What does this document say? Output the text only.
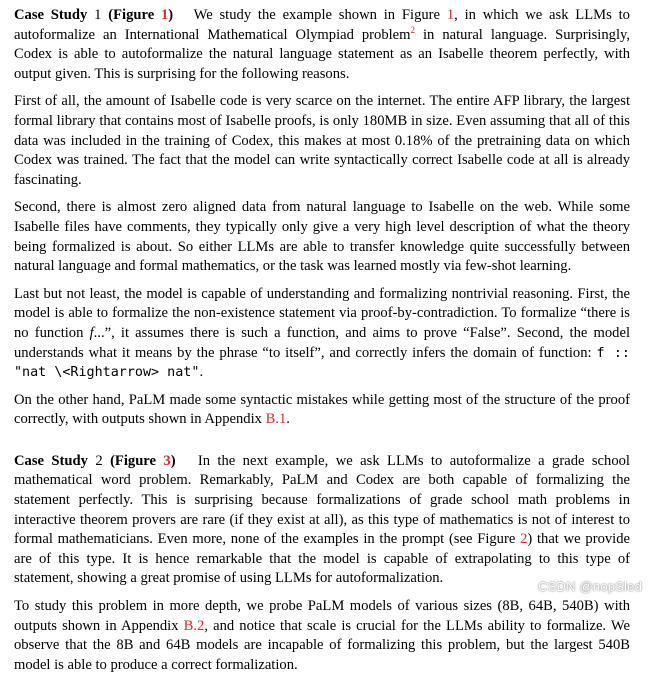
Case Study 1 (Figure 1) We study the example shown in Figure 1, in which we ask LLMs to autoformalize an International Mathematical Olympiad problem$^2$ in natural language. Surprisingly, Codex is able to autoformalize the natural language statement as an Isabelle theorem perfectly, with output given. This is surprising for the following reasons.

First of all, the amount of Isabelle code is very scarce on the internet. The entire AFP library, the largest formal library that contains most of Isabelle proofs, is only 180MB in size. Even assuming that all of this data was included in the training of Codex, this makes at most 0.18% of the pretraining data on which Codex was trained. The fact that the model can write syntactically correct Isabelle code at all is already fascinating.

Second, there is almost zero aligned data from natural language to Isabelle on the web. While some Isabelle files have comments, they typically only give a very high level description of what the theory being formalized is about. So either LLMs are able to transfer knowledge quite successfully between natural language and formal mathematics, or the task was learned mostly via few-shot learning.

Last but not least, the model is capable of understanding and formalizing nontrivial reasoning. First, the model is able to formalize the non-existence statement via proof-by-contradiction. To formalize “there is no function f...”, it assumes there is such a function, and aims to prove “False”. Second, the model understands what it means by the phrase “to itself”, and correctly infers the domain of function: f :: "nat \<Rightarrow> nat".

On the other hand, PaLM made some syntactic mistakes while getting most of the structure of the proof correctly, with outputs shown in Appendix B.1.

Case Study 2 (Figure 3) In the next example, we ask LLMs to autoformalize a grade school mathematical word problem. Remarkably, PaLM and Codex are both capable of formalizing the statement perfectly. This is surprising because formalizations of grade school math problems in interactive theorem provers are rare (if they exist at all), as this type of mathematics is not of interest to formal mathematicians. Even more, none of the examples in the prompt (see Figure 2) that we provide are of this type. It is hence remarkable that the model is capable of extrapolating to this type of statement, showing a great promise of using LLMs for autoformalization.

To study this problem in more depth, we probe PaLM models of various sizes (8B, 64B, 540B) with outputs shown in Appendix B.2, and notice that scale is crucial for the LLMs ability to formalize. We observe that the 8B and 64B models are incapable of formalizing this problem, but the largest 540B model is able to produce a correct formalization.

CSDN @nopSled
